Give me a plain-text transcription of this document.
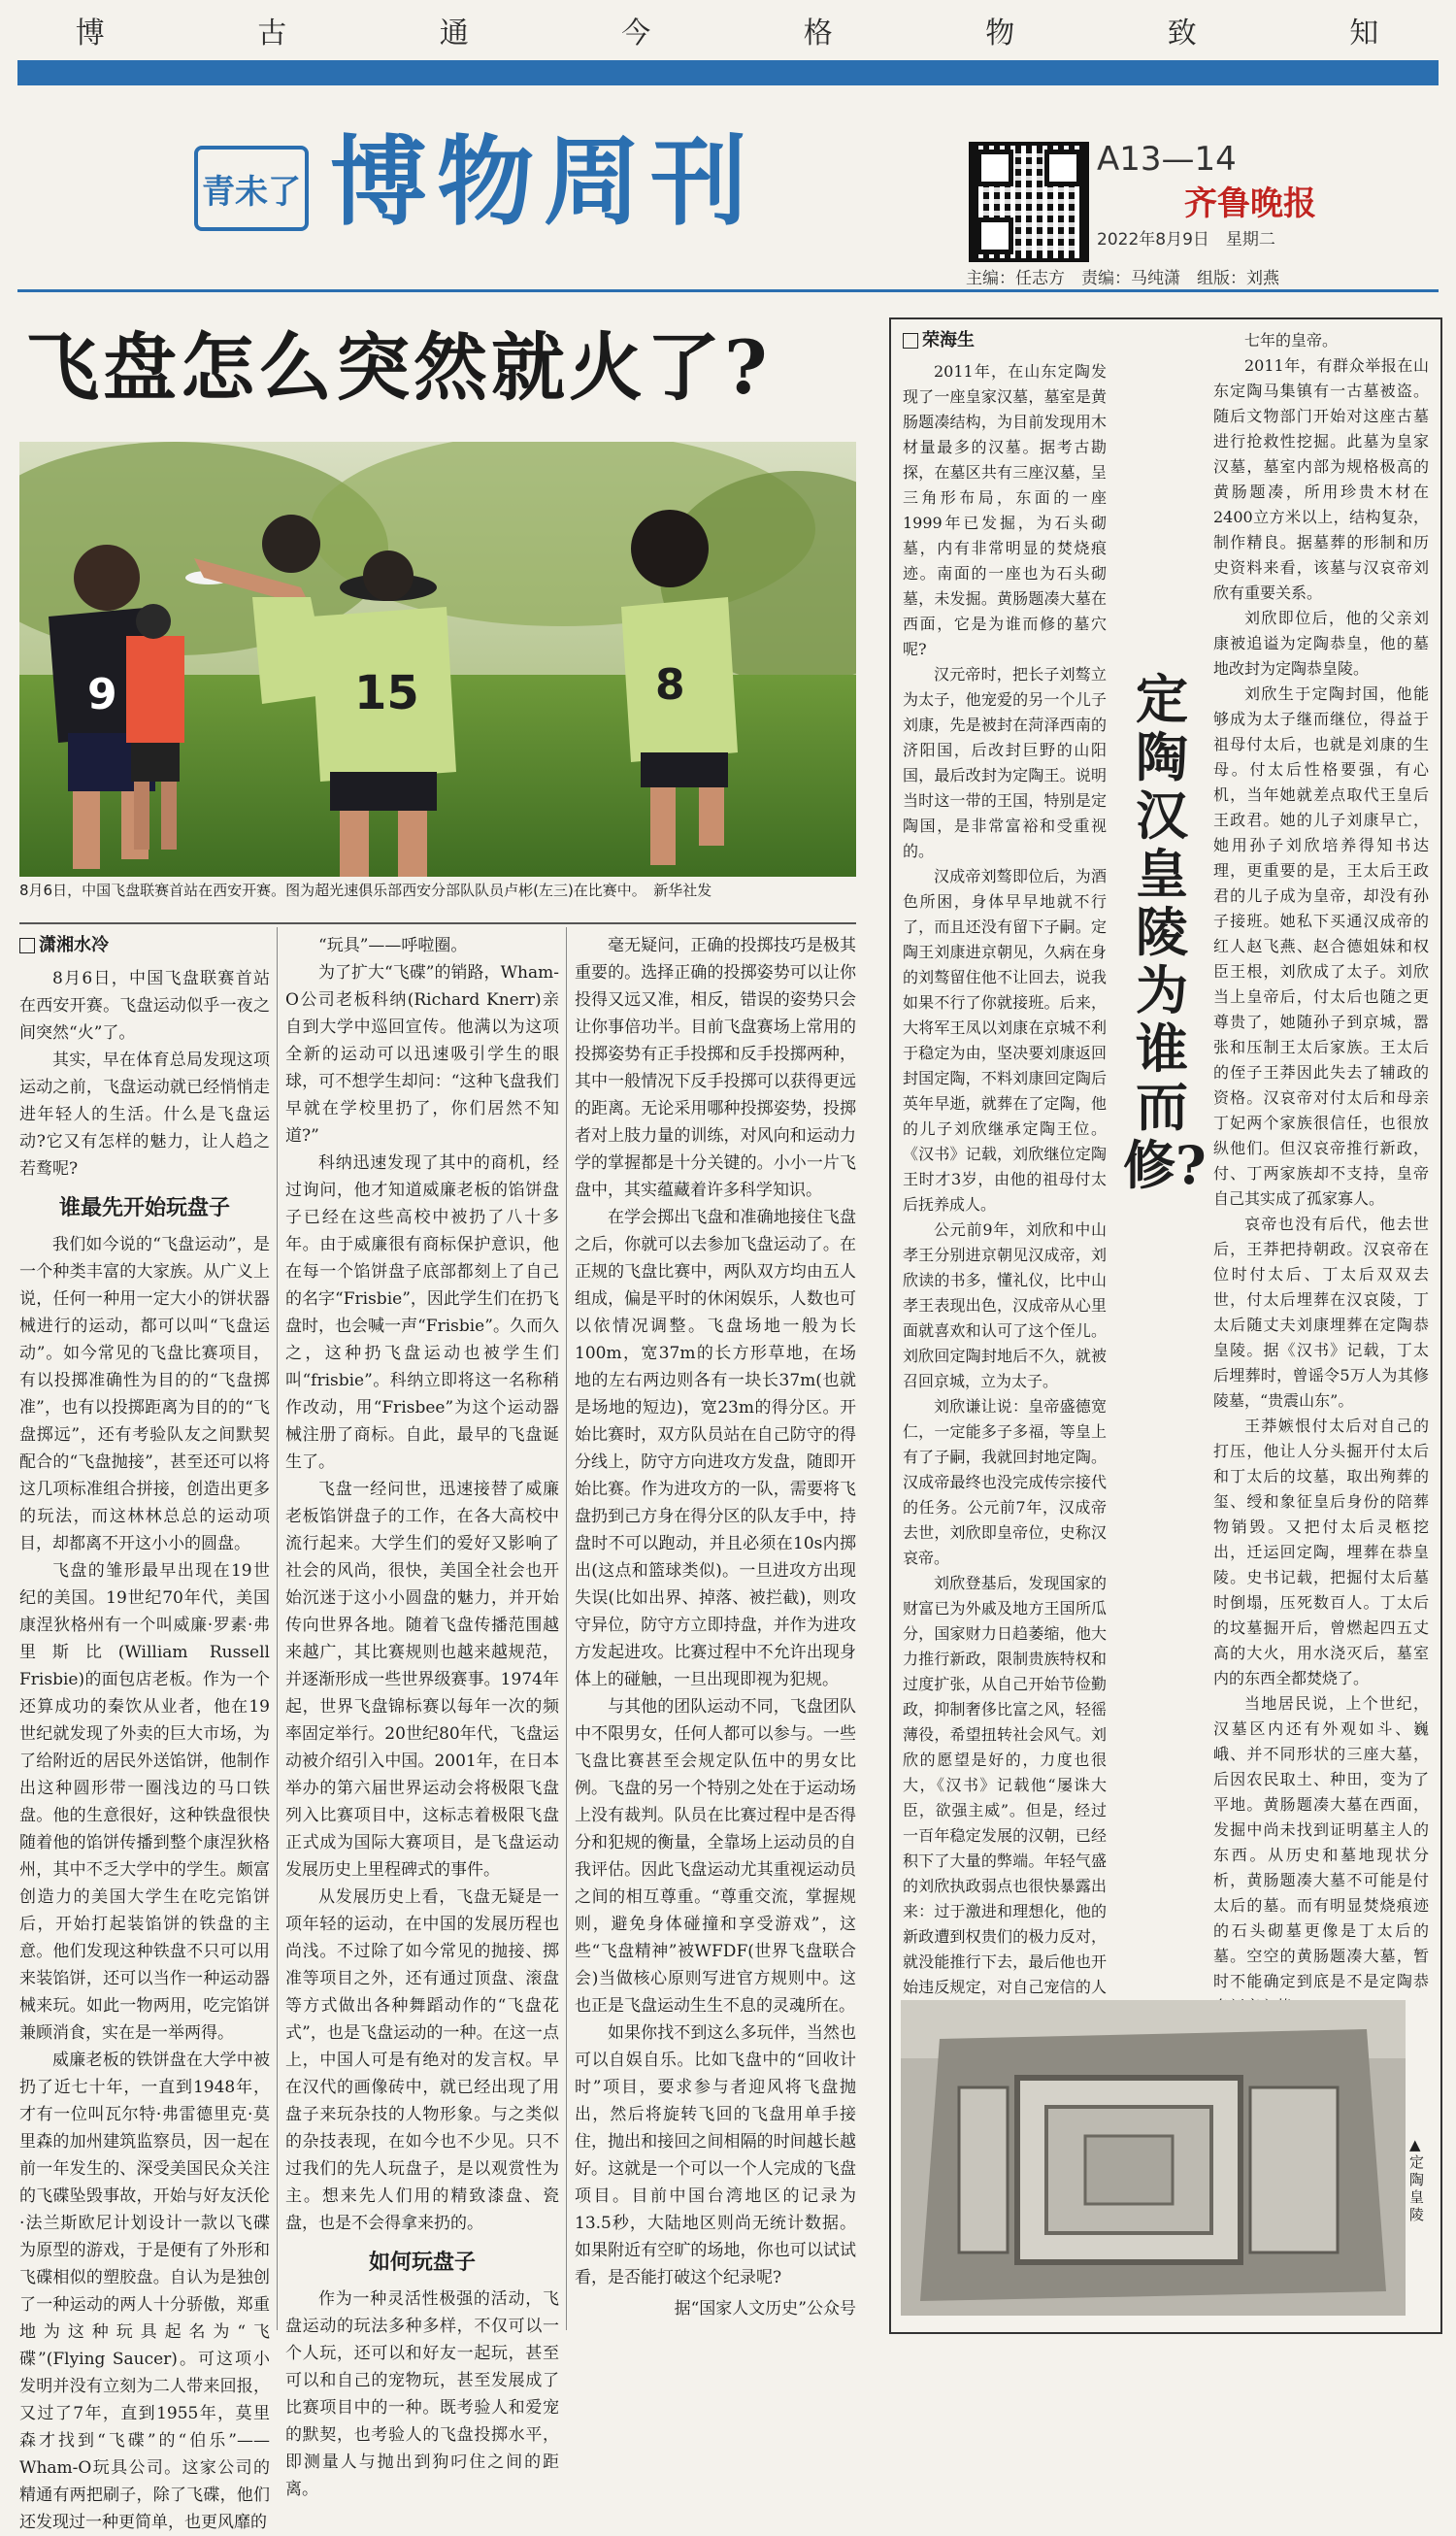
博	古	通	今	格	物	致	知
青未了 博物周刊	A13—14
齐鲁晚报
2022年8月9日　星期二
主编：任志方　责编：马纯潇　组版：刘燕
飞盘怎么突然就火了?
9	15	8
8月6日，中国飞盘联赛首站在西安开赛。图为超光速俱乐部西安分部队队员卢彬(左三)在比赛中。　新华社发
潇湘水冷

8月6日，中国飞盘联赛首站在西安开赛。飞盘运动似乎一夜之间突然“火”了。

其实，早在体育总局发现这项运动之前，飞盘运动就已经悄悄走进年轻人的生活。什么是飞盘运动?它又有怎样的魅力，让人趋之若鹜呢?

谁最先开始玩盘子

我们如今说的“飞盘运动”，是一个种类丰富的大家族。从广义上说，任何一种用一定大小的饼状器械进行的运动，都可以叫“飞盘运动”。如今常见的飞盘比赛项目，有以投掷准确性为目的的“飞盘掷准”，也有以投掷距离为目的的“飞盘掷远”，还有考验队友之间默契配合的“飞盘抛接”，甚至还可以将这几项标准组合拼接，创造出更多的玩法，而这林林总总的运动项目，却都离不开这小小的圆盘。

飞盘的雏形最早出现在19世纪的美国。19世纪70年代，美国康涅狄格州有一个叫威廉·罗素·弗里斯比(William Russell Frisbie)的面包店老板。作为一个还算成功的秦饮从业者，他在19世纪就发现了外卖的巨大市场，为了给附近的居民外送馅饼，他制作出这种圆形带一圈浅边的马口铁盘。他的生意很好，这种铁盘很快随着他的馅饼传播到整个康涅狄格州，其中不乏大学中的学生。颇富创造力的美国大学生在吃完馅饼后，开始打起装馅饼的铁盘的主意。他们发现这种铁盘不只可以用来装馅饼，还可以当作一种运动器械来玩。如此一物两用，吃完馅饼兼顾消食，实在是一举两得。

威廉老板的铁饼盘在大学中被扔了近七十年，一直到1948年，才有一位叫瓦尔特·弗雷德里克·莫里森的加州建筑监察员，因一起在前一年发生的、深受美国民众关注的飞碟坠毁事故，开始与好友沃伦·法兰斯欧尼计划设计一款以飞碟为原型的游戏，于是便有了外形和飞碟相似的塑胶盘。自认为是独创了一种运动的两人十分骄傲，郑重地为这种玩具起名为“飞碟”(Flying Saucer)。可这项小发明并没有立刻为二人带来回报，又过了7年，直到1955年，莫里森才找到“飞碟”的“伯乐”——Wham-O玩具公司。这家公司的精通有两把刷子，除了飞碟，他们还发现过一种更简单，也更风靡的

“玩具”——呼啦圈。

为了扩大“飞碟”的销路，Wham-O公司老板科纳(Richard Knerr)亲自到大学中巡回宣传。他满以为这项全新的运动可以迅速吸引学生的眼球，可不想学生却问：“这种飞盘我们早就在学校里扔了，你们居然不知道?”

科纳迅速发现了其中的商机，经过询问，他才知道威廉老板的馅饼盘子已经在这些高校中被扔了八十多年。由于威廉很有商标保护意识，他在每一个馅饼盘子底部都刻上了自己的名字“Frisbie”，因此学生们在扔飞盘时，也会喊一声“Frisbie”。久而久之，这种扔飞盘运动也被学生们叫“frisbie”。科纳立即将这一名称稍作改动，用“Frisbee”为这个运动器械注册了商标。自此，最早的飞盘诞生了。

飞盘一经问世，迅速接替了威廉老板馅饼盘子的工作，在各大高校中流行起来。大学生们的爱好又影响了社会的风尚，很快，美国全社会也开始沉迷于这小小圆盘的魅力，并开始传向世界各地。随着飞盘传播范围越来越广，其比赛规则也越来越规范，并逐渐形成一些世界级赛事。1974年起，世界飞盘锦标赛以每年一次的频率固定举行。20世纪80年代，飞盘运动被介绍引入中国。2001年，在日本举办的第六届世界运动会将极限飞盘列入比赛项目中，这标志着极限飞盘正式成为国际大赛项目，是飞盘运动发展历史上里程碑式的事件。

从发展历史上看，飞盘无疑是一项年轻的运动，在中国的发展历程也尚浅。不过除了如今常见的抛接、掷准等项目之外，还有通过顶盘、滚盘等方式做出各种舞蹈动作的“飞盘花式”，也是飞盘运动的一种。在这一点上，中国人可是有绝对的发言权。早在汉代的画像砖中，就已经出现了用盘子来玩杂技的人物形象。与之类似的杂技表现，在如今也不少见。只不过我们的先人玩盘子，是以观赏性为主。想来先人们用的精致漆盘、瓷盘，也是不会得拿来扔的。

如何玩盘子

作为一种灵活性极强的活动，飞盘运动的玩法多种多样，不仅可以一个人玩，还可以和好友一起玩，甚至可以和自己的宠物玩，甚至发展成了比赛项目中的一种。既考验人和爱宠的默契，也考验人的飞盘投掷水平，即测量人与抛出到狗叼住之间的距离。

毫无疑问，正确的投掷技巧是极其重要的。选择正确的投掷姿势可以让你投得又远又准，相反，错误的姿势只会让你事倍功半。目前飞盘赛场上常用的投掷姿势有正手投掷和反手投掷两种，其中一般情况下反手投掷可以获得更远的距离。无论采用哪种投掷姿势，投掷者对上肢力量的训练，对风向和运动力学的掌握都是十分关键的。小小一片飞盘中，其实蕴藏着许多科学知识。

在学会掷出飞盘和准确地接住飞盘之后，你就可以去参加飞盘运动了。在正规的飞盘比赛中，两队双方均由五人组成，偏是平时的休闲娱乐，人数也可以依情况调整。飞盘场地一般为长100m，宽37m的长方形草地，在场地的左右两边则各有一块长37m(也就是场地的短边)，宽23m的得分区。开始比赛时，双方队员站在自己防守的得分线上，防守方向进攻方发盘，随即开始比赛。作为进攻方的一队，需要将飞盘扔到己方身在得分区的队友手中，持盘时不可以跑动，并且必须在10s内掷出(这点和篮球类似)。一旦进攻方出现失误(比如出界、掉落、被拦截)，则攻守异位，防守方立即持盘，并作为进攻方发起进攻。比赛过程中不允许出现身体上的碰触，一旦出现即视为犯规。

与其他的团队运动不同，飞盘团队中不限男女，任何人都可以参与。一些飞盘比赛甚至会规定队伍中的男女比例。飞盘的另一个特别之处在于运动场上没有裁判。队员在比赛过程中是否得分和犯规的衡量，全靠场上运动员的自我评估。因此飞盘运动尤其重视运动员之间的相互尊重。“尊重交流，掌握规则，避免身体碰撞和享受游戏”，这些“飞盘精神”被WFDF(世界飞盘联合会)当做核心原则写进官方规则中。这也正是飞盘运动生生不息的灵魂所在。

如果你找不到这么多玩伴，当然也可以自娱自乐。比如飞盘中的“回收计时”项目，要求参与者迎风将飞盘抛出，然后将旋转飞回的飞盘用单手接住，抛出和接回之间相隔的时间越长越好。这就是一个可以一个人完成的飞盘项目。目前中国台湾地区的记录为13.5秒，大陆地区则尚无统计数据。如果附近有空旷的场地，你也可以试试看，是否能打破这个纪录呢?

据“国家人文历史”公众号
荣海生

2011年，在山东定陶发现了一座皇家汉墓，墓室是黄肠题凑结构，为目前发现用木材量最多的汉墓。据考古勘探，在墓区共有三座汉墓，呈三角形布局，东面的一座1999年已发掘，为石头砌墓，内有非常明显的焚烧痕迹。南面的一座也为石头砌墓，未发掘。黄肠题凑大墓在西面，它是为谁而修的墓穴呢?

汉元帝时，把长子刘骜立为太子，他宠爱的另一个儿子刘康，先是被封在菏泽西南的济阳国，后改封巨野的山阳国，最后改封为定陶王。说明当时这一带的王国，特别是定陶国，是非常富裕和受重视的。

汉成帝刘骜即位后，为酒色所困，身体早早地就不行了，而且还没有留下子嗣。定陶王刘康进京朝见，久病在身的刘骜留住他不让回去，说我如果不行了你就接班。后来，大将军王凤以刘康在京城不利于稳定为由，坚决要刘康返回封国定陶，不料刘康回定陶后英年早逝，就葬在了定陶，他的儿子刘欣继承定陶王位。《汉书》记载，刘欣继位定陶王时才3岁，由他的祖母付太后抚养成人。

公元前9年，刘欣和中山孝王分别进京朝见汉成帝，刘欣读的书多，懂礼仪，比中山孝王表现出色，汉成帝从心里面就喜欢和认可了这个侄儿。刘欣回定陶封地后不久，就被召回京城，立为太子。

刘欣谦让说：皇帝盛德宽仁，一定能多子多福，等皇上有了子嗣，我就回封地定陶。汉成帝最终也没完成传宗接代的任务。公元前7年，汉成帝去世，刘欣即皇帝位，史称汉哀帝。

刘欣登基后，发现国家的财富已为外戚及地方王国所瓜分，国家财力日趋萎缩，他大力推行新政，限制贵族特权和过度扩张，从自己开始节俭勤政，抑制奢侈比富之风，轻徭薄役，希望扭转社会风气。刘欣的愿望是好的，力度也很大，《汉书》记载他“屡诛大臣，欲强主威”。但是，经过一百年稳定发展的汉朝，已经积下了大量的弊端。年轻气盛的刘欣执政弱点也很快暴露出来：过于激进和理想化，他的新政遭到权贵们的极力反对，就没能推行下去，最后他也开始违反规定，对自己宠信的人

定陶汉皇陵为谁而修?

七年的皇帝。

2011年，有群众举报在山东定陶马集镇有一古墓被盗。随后文物部门开始对这座古墓进行抢救性挖掘。此墓为皇家汉墓，墓室内部为规格极高的黄肠题凑，所用珍贵木材在2400立方米以上，结构复杂，制作精良。据墓葬的形制和历史资料来看，该墓与汉哀帝刘欣有重要关系。

刘欣即位后，他的父亲刘康被追谥为定陶恭皇，他的墓地改封为定陶恭皇陵。

刘欣生于定陶封国，他能够成为太子继而继位，得益于祖母付太后，也就是刘康的生母。付太后性格要强，有心机，当年她就差点取代王皇后王政君。她的儿子刘康早亡，她用孙子刘欣培养得知书达理，更重要的是，王太后王政君的儿子成为皇帝，却没有孙子接班。她私下买通汉成帝的红人赵飞燕、赵合德姐妹和权臣王根，刘欣成了太子。刘欣当上皇帝后，付太后也随之更尊贵了，她随孙子到京城，嚣张和压制王太后家族。王太后的侄子王莽因此失去了辅政的资格。汉哀帝对付太后和母亲丁妃两个家族很信任，也很放纵他们。但汉哀帝推行新政，付、丁两家族却不支持，皇帝自己其实成了孤家寡人。

哀帝也没有后代，他去世后，王莽把持朝政。汉哀帝在位时付太后、丁太后双双去世，付太后埋葬在汉哀陵，丁太后随丈夫刘康埋葬在定陶恭皇陵。据《汉书》记载，丁太后埋葬时，曾谣令5万人为其修陵墓，“贵震山东”。

王莽嫉恨付太后对自己的打压，他让人分头掘开付太后和丁太后的坟墓，取出殉葬的玺、绶和象征皇后身份的陪葬物销毁。又把付太后灵柩挖出，迁运回定陶，埋葬在恭皇陵。史书记载，把掘付太后墓时倒塌，压死数百人。丁太后的坟墓掘开后，曾燃起四五丈高的大火，用水浇灭后，墓室内的东西全都焚烧了。

当地居民说，上个世纪，汉墓区内还有外观如斗、巍峨、并不同形状的三座大墓，后因农民取土、种田，变为了平地。黄肠题凑大墓在西面，发掘中尚未找到证明墓主人的东西。从历史和墓地现状分析，黄肠题凑大墓不可能是付太后的墓。而有明显焚烧痕迹的石头砌墓更像是丁太后的墓。空空的黄肠题凑大墓，暂时不能确定到底是不是定陶恭

▲定陶皇陵
